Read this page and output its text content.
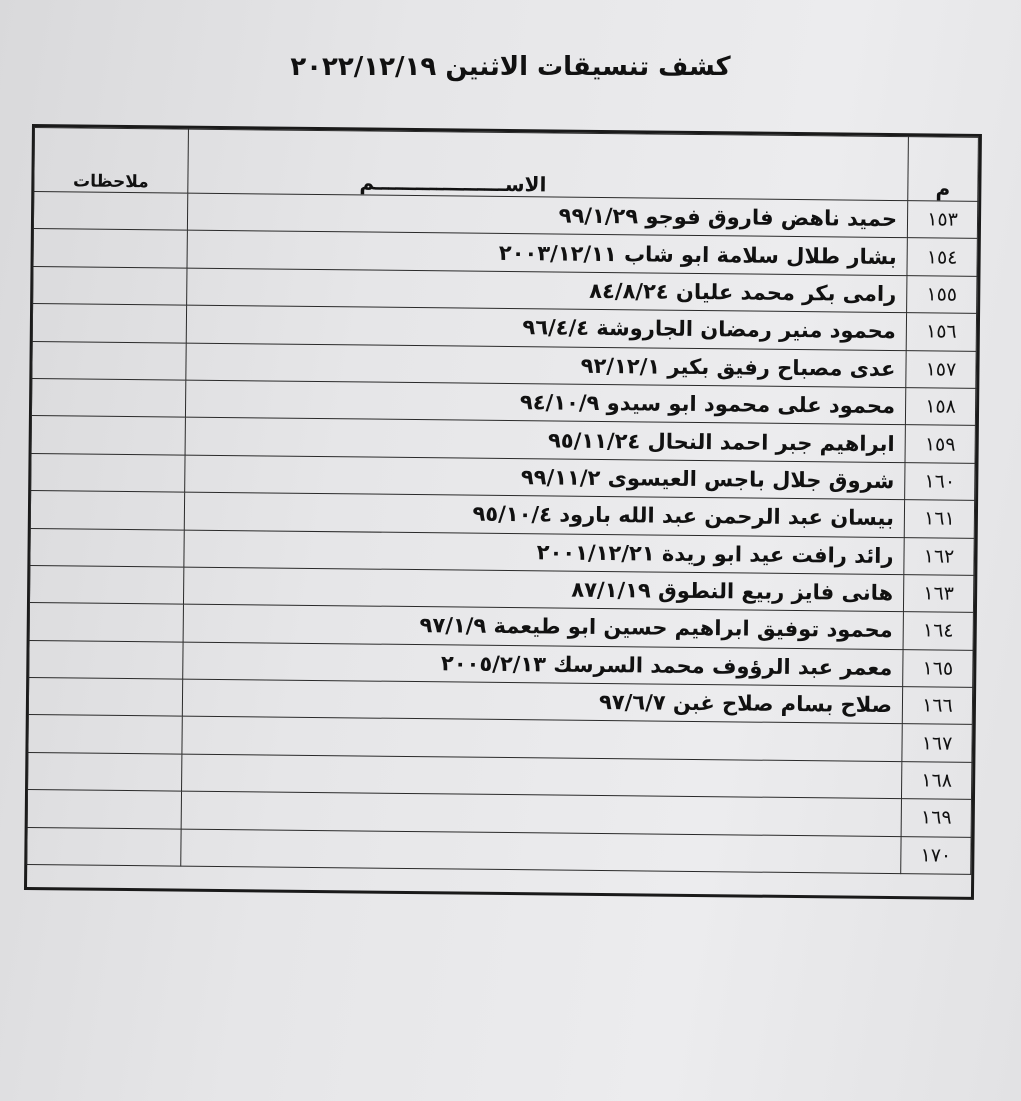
كشف تنسيقات الاثنين ٢٠٢٢/١٢/١٩
م	الاســـــــــــــــــــم	ملاحظات
١٥٣	حميد ناهض فاروق فوجو ٩٩/١/٢٩	
١٥٤	بشار طلال سلامة ابو شاب ٢٠٠٣/١٢/١١	
١٥٥	رامى بكر محمد عليان ٨٤/٨/٢٤	
١٥٦	محمود منير رمضان الجاروشة ٩٦/٤/٤	
١٥٧	عدى مصباح رفيق بكير ٩٢/١٢/١	
١٥٨	محمود على محمود ابو سيدو ٩٤/١٠/٩	
١٥٩	ابراهيم جبر احمد النحال ٩٥/١١/٢٤	
١٦٠	شروق جلال باجس العيسوى ٩٩/١١/٢	
١٦١	بيسان عبد الرحمن عبد الله بارود ٩٥/١٠/٤	
١٦٢	رائد رافت عيد ابو ريدة ٢٠٠١/١٢/٢١	
١٦٣	هانى فايز ربيع النطوق ٨٧/١/١٩	
١٦٤	محمود توفيق ابراهيم حسين ابو طيعمة ٩٧/١/٩	
١٦٥	معمر عبد الرؤوف محمد السرسك ٢٠٠٥/٢/١٣	
١٦٦	صلاح بسام صلاح غبن ٩٧/٦/٧	
١٦٧		
١٦٨		
١٦٩		
١٧٠		
